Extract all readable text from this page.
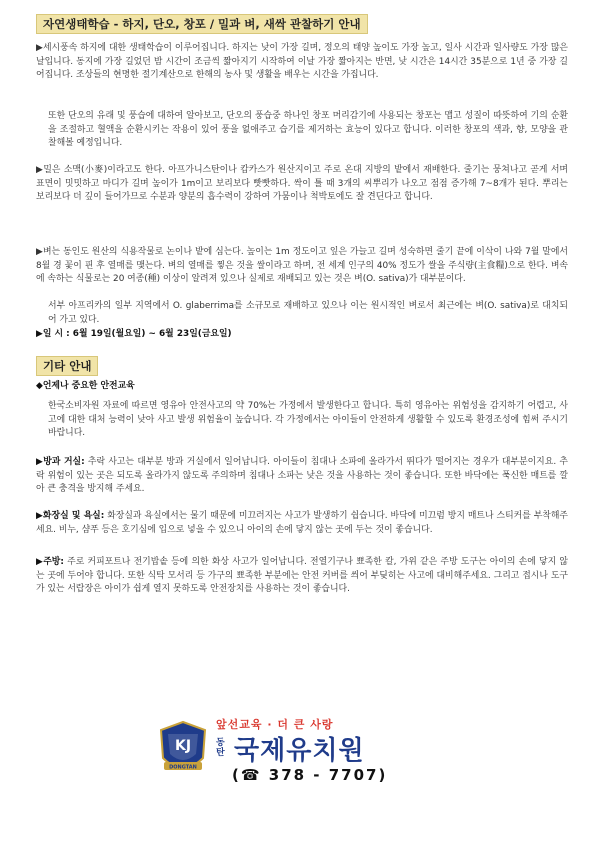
자연생태학습 - 하지, 단오, 창포 / 밀과 벼, 새싹 관찰하기 안내
▶세시풍속 하지에 대한 생태학습이 이루어집니다. 하지는 낮이 가장 길며, 정오의 태양 높이도 가장 높고, 일사 시간과 일사량도 가장 많은 날입니다. 동지에 가장 길었던 밤 시간이 조금씩 짧아지기 시작하여 이날 가장 짧아지는 반면, 낮 시간은 14시간 35분으로 1년 중 가장 길어집니다. 조상들의 현명한 절기계산으로 한해의 농사 및 생활을 배우는 시간을 가집니다.
또한 단오의 유래 및 풍습에 대하여 알아보고, 단오의 풍습중 하나인 창포 머리감기에 사용되는 창포는 맵고 성질이 따뜻하여 기의 순환을 조절하고 혈액을 순환시키는 작용이 있어 풍을 없애주고 습기를 제거하는 효능이 있다고 합니다. 이러한 창포의 색과, 향, 모양을 관찰해볼 예정입니다.
▶밀은 소맥(小麥)이라고도 한다. 아프가니스탄이나 캅카스가 원산지이고 주로 온대 지방의 밭에서 재배한다. 줄기는 뭉쳐나고 곧게 서며 표면이 밋밋하고 마디가 길며 높이가 1m이고 보리보다 빳빳하다. 싹이 틀 때 3개의 씨뿌리가 나오고 점점 증가해 7~8개가 된다. 뿌리는 보리보다 더 깊이 들어가므로 수분과 양분의 흡수력이 강하여 가뭄이나 척박토에도 잘 견딘다고 합니다.
▶벼는 동인도 원산의 식용작물로 논이나 밭에 심는다. 높이는 1m 정도이고 잎은 가늘고 길며 성숙하면 줄기 끝에 이삭이 나와 7월 말에서 8월 경 꽃이 핀 후 열매를 맺는다. 벼의 열매를 찧은 것을 쌀이라고 하며, 전 세계 인구의 40% 정도가 쌀을 주식량(主食糧)으로 한다. 벼속에 속하는 식물로는 20 여종(種) 이상이 알려져 있으나 실제로 재배되고 있는 것은 벼(O. sativa)가 대부분이다.
서부 아프리카의 일부 지역에서 O. glaberrima를 소규모로 재배하고 있으나 이는 원시적인 벼로서 최근에는 벼(O. sativa)로 대치되어 가고 있다.
▶일 시 : 6월 19일(월요일) ~ 6월 23일(금요일)
기타 안내
◆언제나 중요한 안전교육
한국소비자원 자료에 따르면 영유아 안전사고의 약 70%는 가정에서 발생한다고 합니다. 특히 영유아는 위험성을 감지하기 어렵고, 사고에 대한 대처 능력이 낮아 사고 발생 위험율이 높습니다. 각 가정에서는 아이들이 안전하게 생활할 수 있도록 환경조성에 힘써 주시기 바랍니다.
▶방과 거실: 추락 사고는 대부분 방과 거실에서 일어납니다. 아이들이 침대나 소파에 올라가서 뛰다가 떨어지는 경우가 대부분이지요. 추락 위험이 있는 곳은 되도록 올라가지 않도록 주의하며 침대나 소파는 낮은 것을 사용하는 것이 좋습니다. 또한 바닥에는 푹신한 매트를 깔아 큰 충격을 방지해 주세요.
▶화장실 및 욕실: 화장실과 욕실에서는 물기 때문에 미끄러지는 사고가 발생하기 쉽습니다. 바닥에 미끄럼 방지 매트나 스티커를 부착해주세요. 비누, 샴푸 등은 호기심에 입으로 넣을 수 있으니 아이의 손에 닿지 않는 곳에 두는 것이 좋습니다.
▶주방: 주로 커피포트나 전기밥솥 등에 의한 화상 사고가 일어납니다. 전열기구나 뾰족한 칼, 가위 같은 주방 도구는 아이의 손에 닿지 않는 곳에 두어야 합니다. 또한 식탁 모서리 등 가구의 뾰족한 부분에는 안전 커버를 씌어 부딪히는 사고에 대비해주세요. 그리고 접시나 도구가 있는 서랍장은 아이가 쉽게 열지 못하도록 안전장치를 사용하는 것이 좋습니다.
KJ
DONGTAN
앞선교육 · 더 큰 사랑
동탄 국제유치원
(☎ 378 - 7707)
